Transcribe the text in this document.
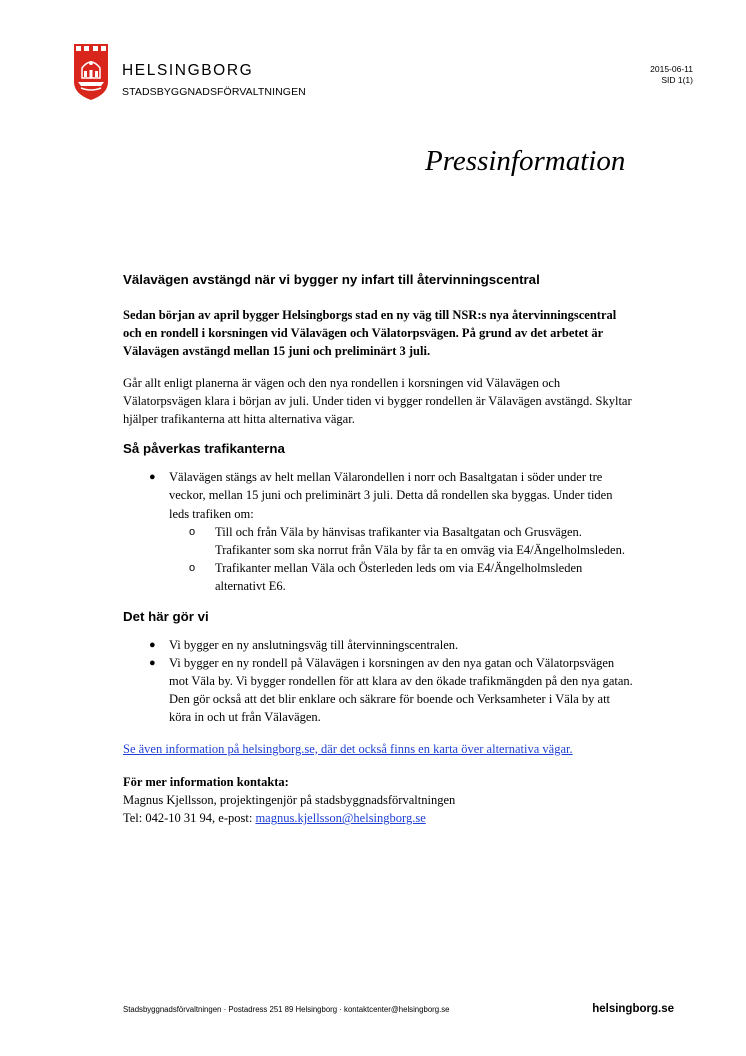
HELSINGBORG
STADSBYGGNADSFÖRVALTNINGEN
2015-06-11
SID 1(1)
Pressinformation
Välavägen avstängd när vi bygger ny infart till återvinningscentral

Sedan början av april bygger Helsingborgs stad en ny väg till NSR:s nya återvinningscentral och en rondell i korsningen vid Välavägen och Välatorpsvägen. På grund av det arbetet är Välavägen avstängd mellan 15 juni och preliminärt 3 juli.

Går allt enligt planerna är vägen och den nya rondellen i korsningen vid Välavägen och Välatorpsvägen klara i början av juli. Under tiden vi bygger rondellen är Välavägen avstängd. Skyltar hjälper trafikanterna att hitta alternativa vägar.

Så påverkas trafikanterna
● Välavägen stängs av helt mellan Välarondellen i norr och Basaltgatan i söder under tre veckor, mellan 15 juni och preliminärt 3 juli. Detta då rondellen ska byggas. Under tiden leds trafiken om:
o Till och från Väla by hänvisas trafikanter via Basaltgatan och Grusvägen. Trafikanter som ska norrut från Väla by får ta en omväg via E4/Ängelholmsleden.
o Trafikanter mellan Väla och Österleden leds om via E4/Ängelholmsleden alternativt E6.
Det här gör vi
● Vi bygger en ny anslutningsväg till återvinningscentralen.
● Vi bygger en ny rondell på Välavägen i korsningen av den nya gatan och Välatorpsvägen mot Väla by. Vi bygger rondellen för att klara av den ökade trafikmängden på den nya gatan. Den gör också att det blir enklare och säkrare för boende och Verksamheter i Väla by att köra in och ut från Välavägen.

Se även information på helsingborg.se, där det också finns en karta över alternativa vägar.

För mer information kontakta:

Magnus Kjellsson, projektingenjör på stadsbyggnadsförvaltningen

Tel: 042-10 31 94, e-post: magnus.kjellsson@helsingborg.se

Stadsbyggnadsförvaltningen · Postadress 251 89 Helsingborg · kontaktcenter@helsingborg.se	helsingborg.se
